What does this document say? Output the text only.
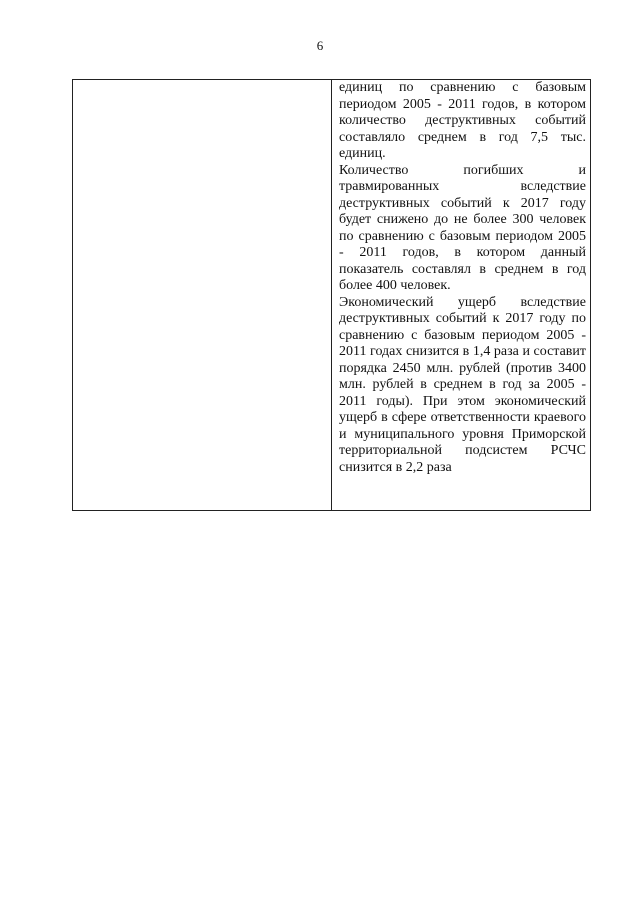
6

единиц по сравнению с базовым периодом 2005 - 2011 годов, в котором количество деструктивных событий составляло среднем в год 7,5 тыс. единиц.

Количество погибших и травмированных вследствие деструктивных событий к 2017 году будет снижено до не более 300 человек по сравнению с базовым периодом 2005 - 2011 годов, в котором данный показатель составлял в среднем в год более 400 человек.

Экономический ущерб вследствие деструктивных событий к 2017 году по сравнению с базовым периодом 2005 - 2011 годах снизится в 1,4 раза и составит порядка 2450 млн. рублей (против 3400 млн. рублей в среднем в год за 2005 - 2011 годы). При этом экономический ущерб в сфере ответственности краевого и муниципального уровня Приморской территориальной подсистем РСЧС снизится в 2,2 раза
